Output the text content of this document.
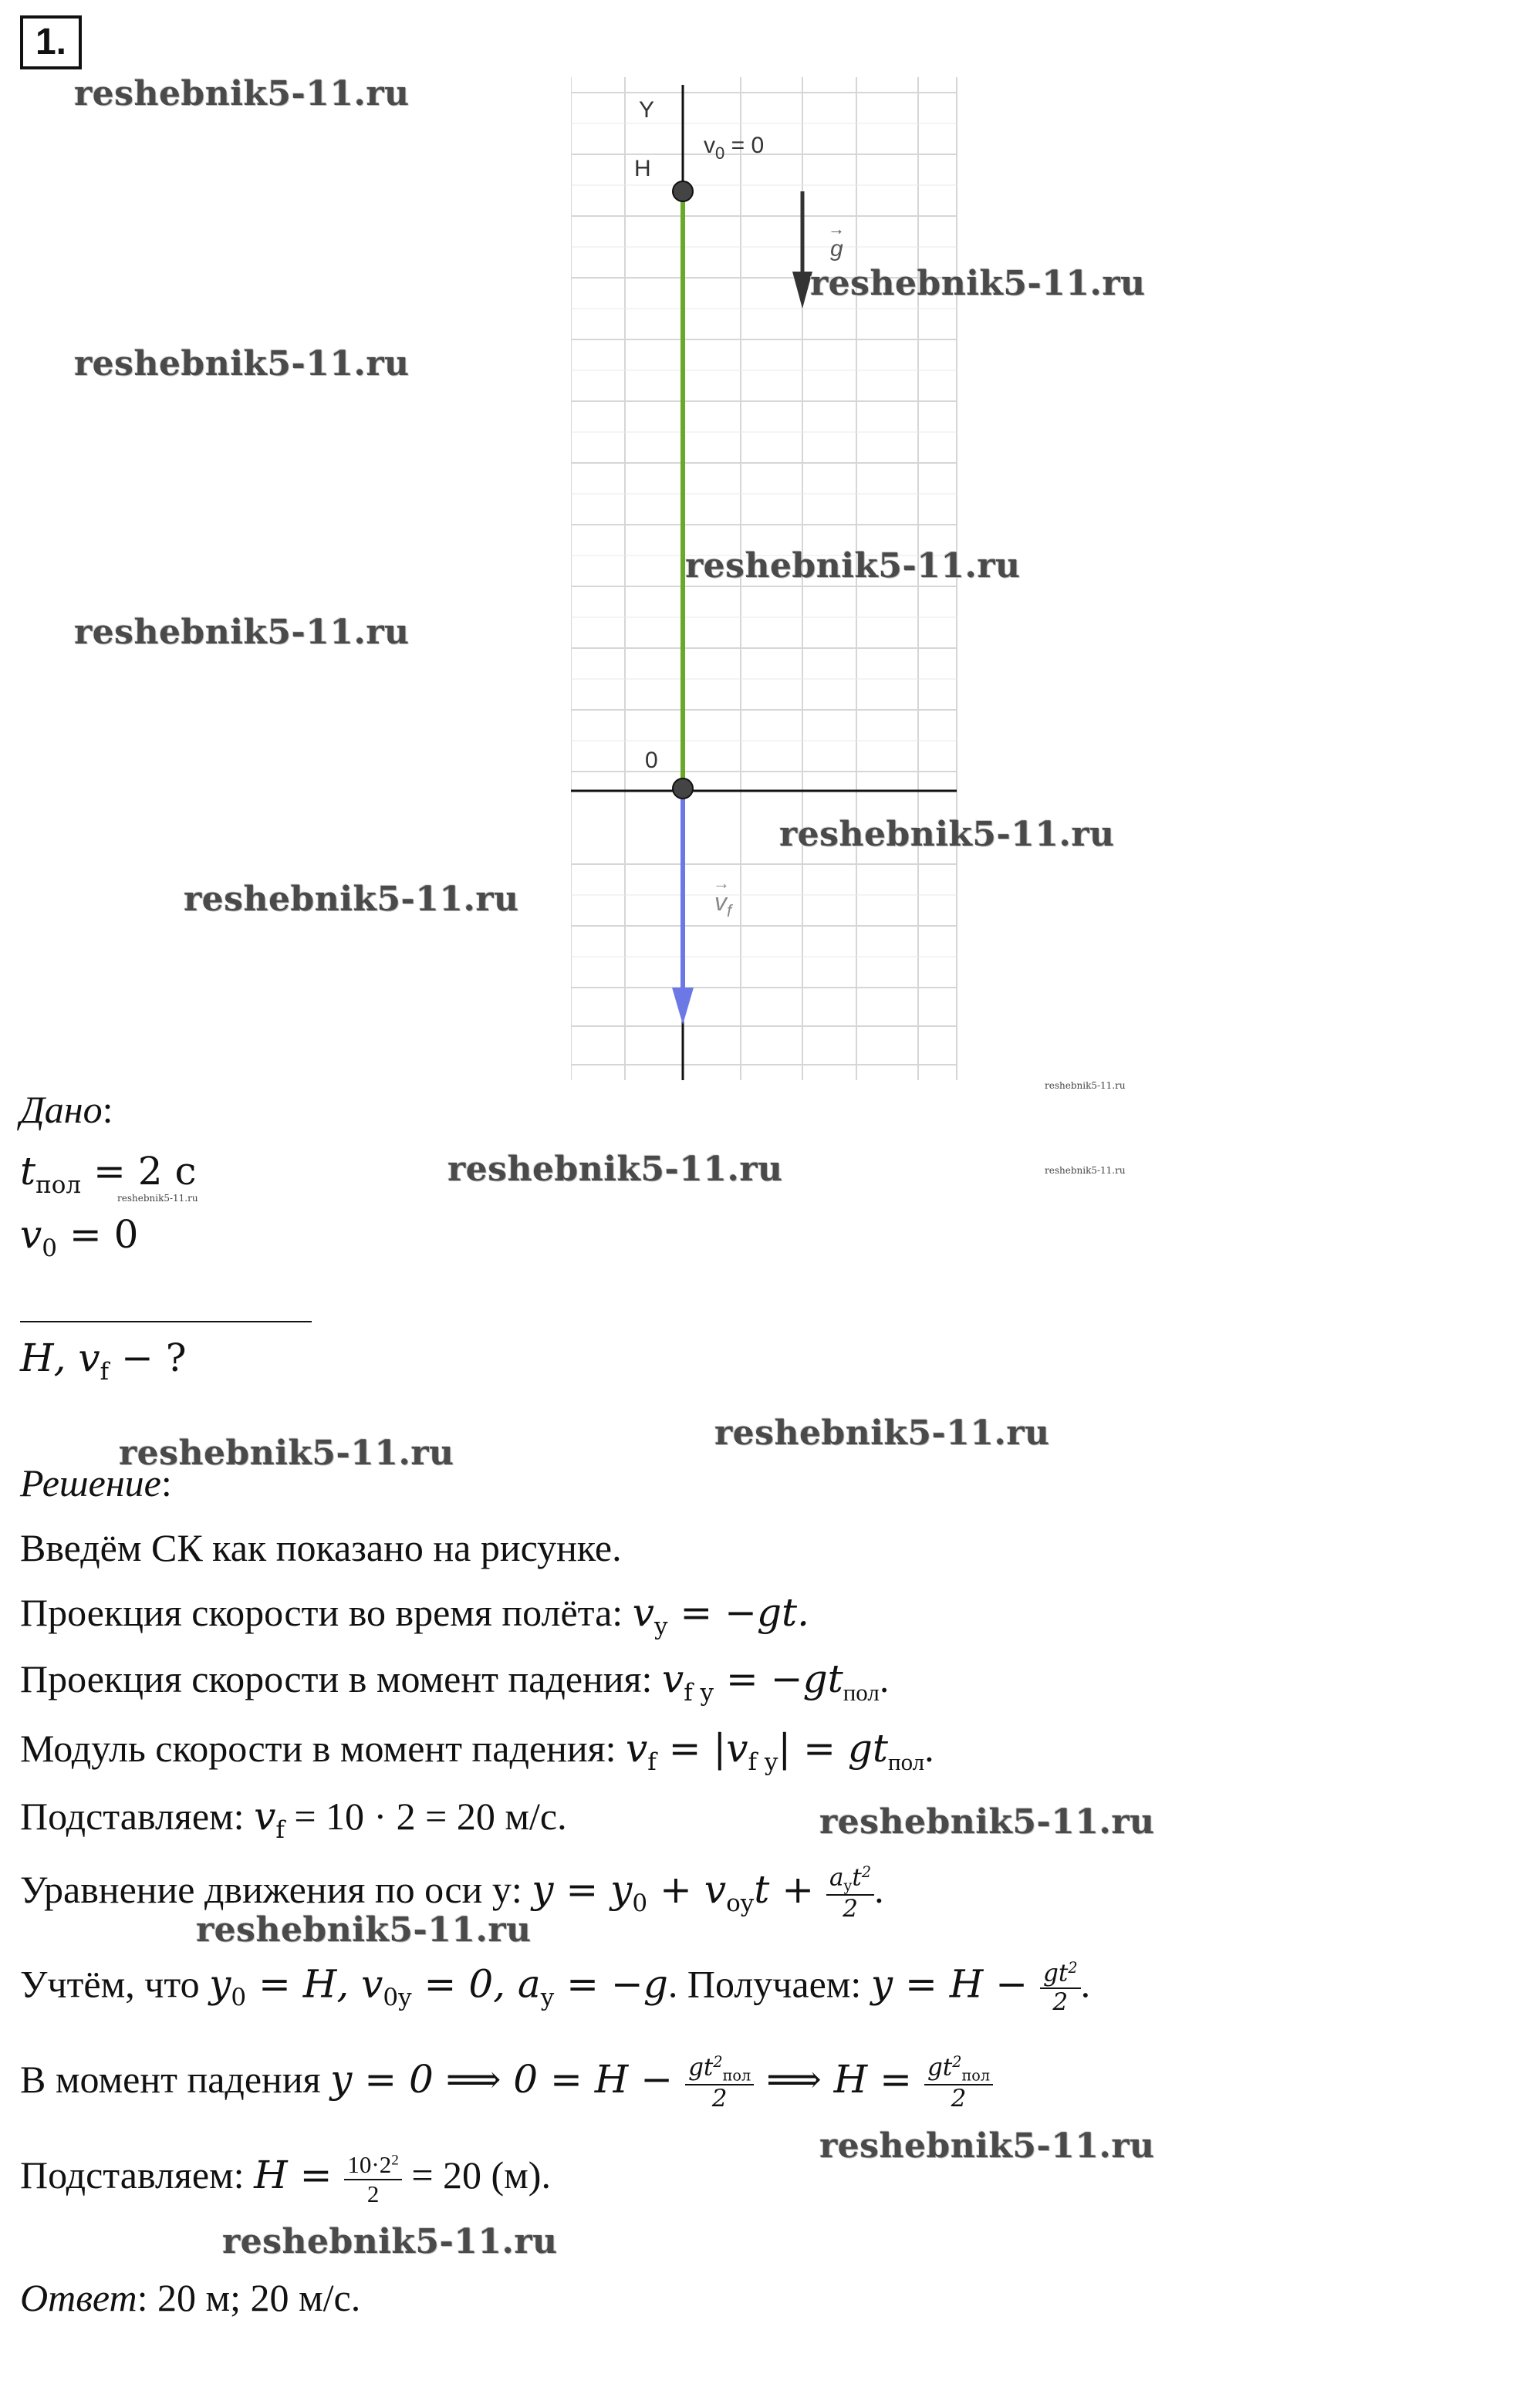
1.
Y
H
$v_0 = 0$
0
g
→
$v_f$
→
reshebnik5-11.ru
reshebnik5-11.ru
reshebnik5-11.ru
reshebnik5-11.ru
reshebnik5-11.ru
reshebnik5-11.ru
reshebnik5-11.ru
reshebnik5-11.ru
reshebnik5-11.ru
reshebnik5-11.ru
reshebnik5-11.ru
reshebnik5-11.ru
reshebnik5-11.ru
reshebnik5-11.ru
reshebnik5-11.ru
reshebnik5-11.ru
reshebnik5-11.ru
Дано:
$t_{пол} = 2$ с
$v_0 = 0$
H, $v_f$ − ?
Решение:
Введём СК как показано на рисунке.
Проекция скорости во время полёта: $v_y = -gt$.
Проекция скорости в момент падения: $v_{f y} = -gt_{пол}$.
Модуль скорости в момент падения: $v_f = |v_{f y}| = gt_{пол}$.
Подставляем: $v_f = 10 \cdot 2 = 20$ м/с.
Уравнение движения по оси y: $y = y_0 + v_{oy}t + \frac{a_yt^2}{2}$ .
Учтём, что $y_0 = H$, $v_{0y} = 0$, $a_y = -g$. Получаем: $y = H - \frac{gt^2}{2}$ .
В момент падения y = 0 ⟹ $0 = H - \frac{gt^2_{пол}}{2}$ ⟹ $H = \frac{gt^2_{пол}}{2}$
Подставляем: $H = \frac{10\cdot 2^2}{2} = 20$ (м).
Ответ: 20 м; 20 м/с.
